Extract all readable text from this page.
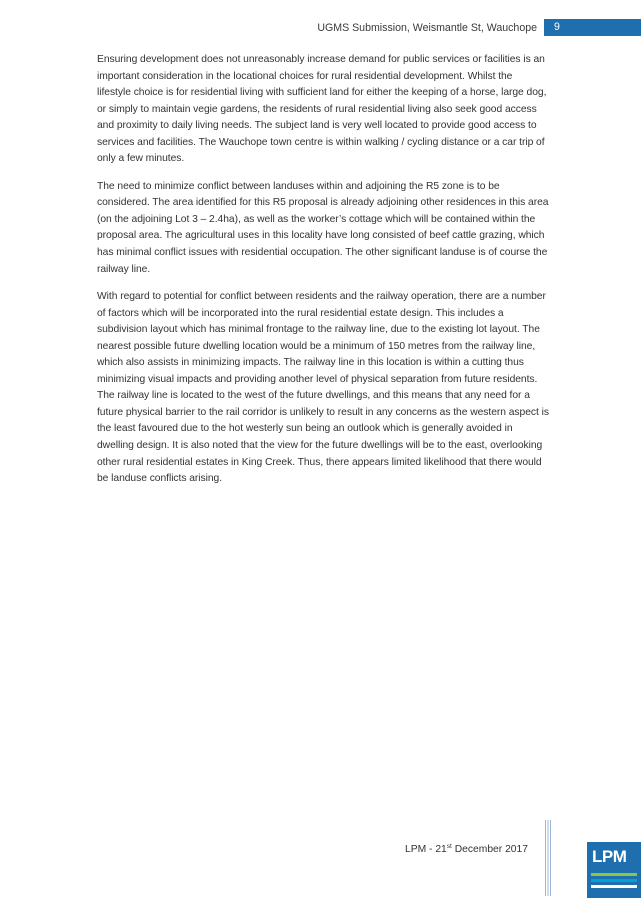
UGMS Submission, Weismantle St, Wauchope	9

Ensuring development does not unreasonably increase demand for public services or facilities is an important consideration in the locational choices for rural residential development. Whilst the lifestyle choice is for residential living with sufficient land for either the keeping of a horse, large dog, or simply to maintain vegie gardens, the residents of rural residential living also seek good access and proximity to daily living needs. The subject land is very well located to provide good access to services and facilities. The Wauchope town centre is within walking / cycling distance or a car trip of only a few minutes.

The need to minimize conflict between landuses within and adjoining the R5 zone is to be considered. The area identified for this R5 proposal is already adjoining other residences in this area (on the adjoining Lot 3 – 2.4ha), as well as the worker’s cottage which will be contained within the proposal area. The agricultural uses in this locality have long consisted of beef cattle grazing, which has minimal conflict issues with residential occupation. The other significant landuse is of course the railway line.

With regard to potential for conflict between residents and the railway operation, there are a number of factors which will be incorporated into the rural residential estate design. This includes a subdivision layout which has minimal frontage to the railway line, due to the existing lot layout. The nearest possible future dwelling location would be a minimum of 150 metres from the railway line, which also assists in minimizing impacts. The railway line in this location is within a cutting thus minimizing visual impacts and providing another level of physical separation from future residents. The railway line is located to the west of the future dwellings, and this means that any need for a future physical barrier to the rail corridor is unlikely to result in any concerns as the western aspect is the least favoured due to the hot westerly sun being an outlook which is generally avoided in dwelling design. It is also noted that the view for the future dwellings will be to the east, overlooking other rural residential estates in King Creek. Thus, there appears limited likelihood that there would be landuse conflicts arising.

LPM - 21st December 2017	LPM
